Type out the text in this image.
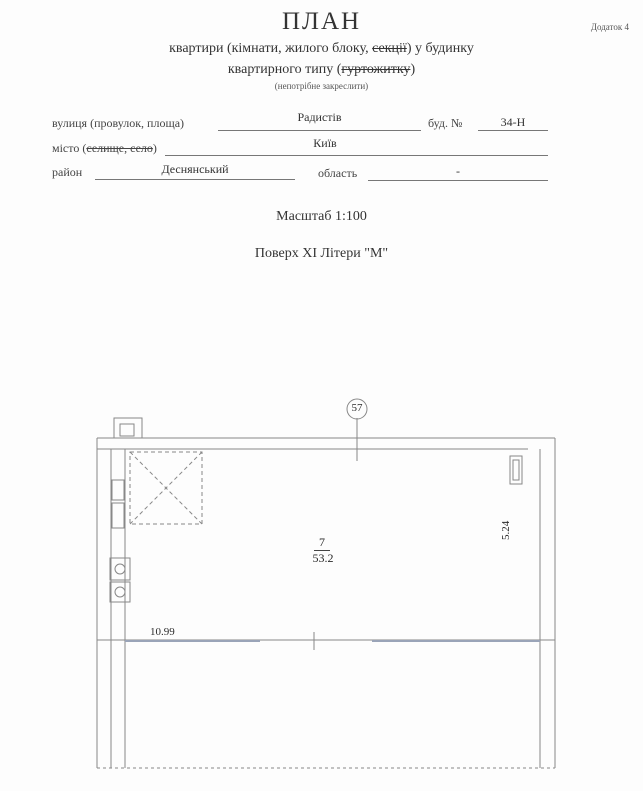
Додаток 4
ПЛАН
квартири (кімнати, жилого блоку, секції) у будинку
квартирного типу (гуртожитку)
(непотрібне закреслити)
вулиця (провулок, площа)	Радистів	буд. №	34-Н
місто (селище, село)	Київ
район	Деснянський	область	-
Масштаб 1:100
Поверх XI Літери "М"
57
7
53.2
10.99
5.24
